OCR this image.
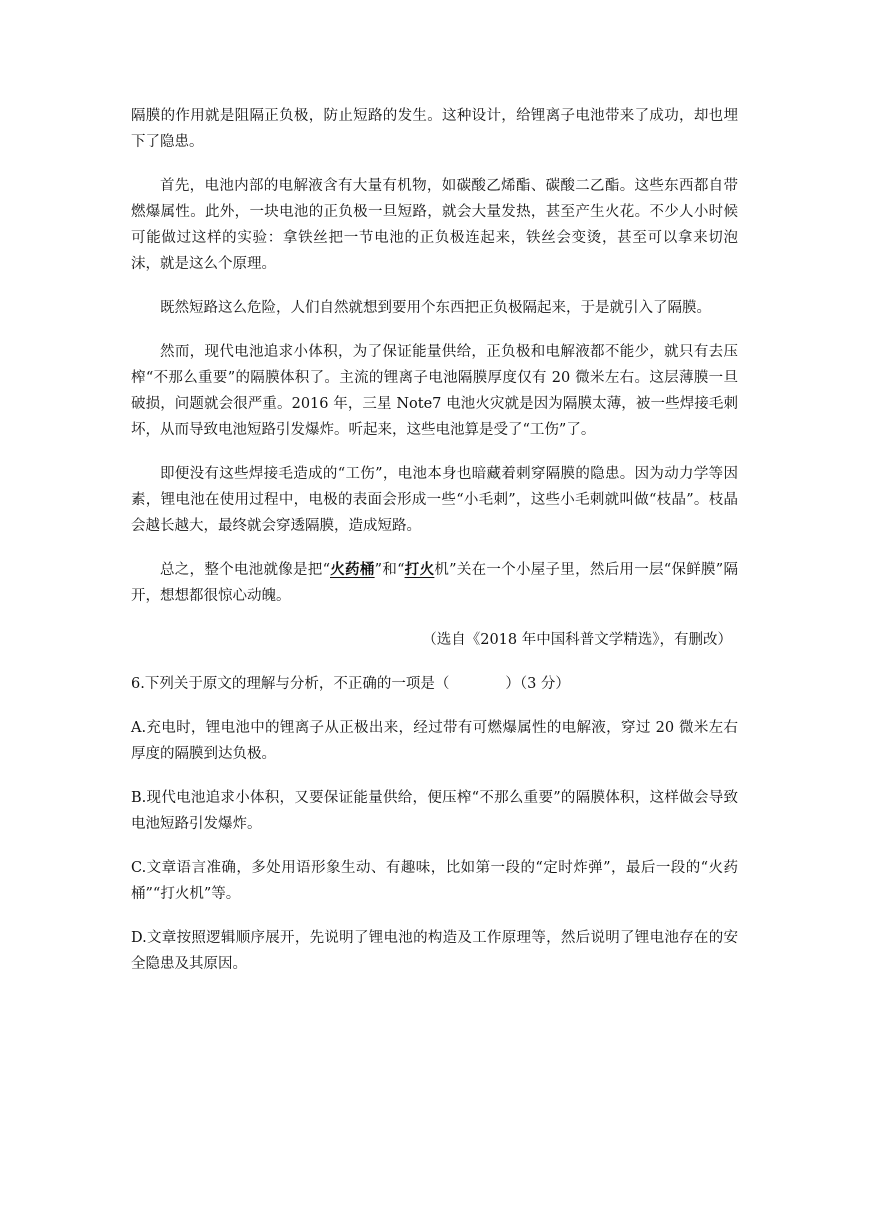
隔膜的作用就是阻隔正负极，防止短路的发生。这种设计，给锂离子电池带来了成功，却也埋下了隐患。

首先，电池内部的电解液含有大量有机物，如碳酸乙烯酯、碳酸二乙酯。这些东西都自带燃爆属性。此外，一块电池的正负极一旦短路，就会大量发热，甚至产生火花。不少人小时候可能做过这样的实验：拿铁丝把一节电池的正负极连起来，铁丝会变烫，甚至可以拿来切泡沫，就是这么个原理。

既然短路这么危险，人们自然就想到要用个东西把正负极隔起来，于是就引入了隔膜。

然而，现代电池追求小体积，为了保证能量供给，正负极和电解液都不能少，就只有去压榨“不那么重要”的隔膜体积了。主流的锂离子电池隔膜厚度仅有 20 微米左右。这层薄膜一旦破损，问题就会很严重。2016 年，三星 Note7 电池火灾就是因为隔膜太薄，被一些焊接毛刺坏，从而导致电池短路引发爆炸。听起来，这些电池算是受了“工伤”了。

即便没有这些焊接毛造成的“工伤”，电池本身也暗藏着刺穿隔膜的隐患。因为动力学等因素，锂电池在使用过程中，电极的表面会形成一些“小毛刺”，这些小毛刺就叫做“枝晶”。枝晶会越长越大，最终就会穿透隔膜，造成短路。

总之，整个电池就像是把“火药桶”和“打火机”关在一个小屋子里，然后用一层“保鲜膜”隔开，想想都很惊心动魄。

（选自《2018 年中国科普文学精选》，有删改）

6.下列关于原文的理解与分析，不正确的一项是（	）（3 分）

A.充电时，锂电池中的锂离子从正极出来，经过带有可燃爆属性的电解液，穿过 20 微米左右厚度的隔膜到达负极。

B.现代电池追求小体积，又要保证能量供给，便压榨“不那么重要”的隔膜体积，这样做会导致电池短路引发爆炸。

C.文章语言准确，多处用语形象生动、有趣味，比如第一段的“定时炸弹”，最后一段的“火药桶”“打火机”等。

D.文章按照逻辑顺序展开，先说明了锂电池的构造及工作原理等，然后说明了锂电池存在的安全隐患及其原因。
